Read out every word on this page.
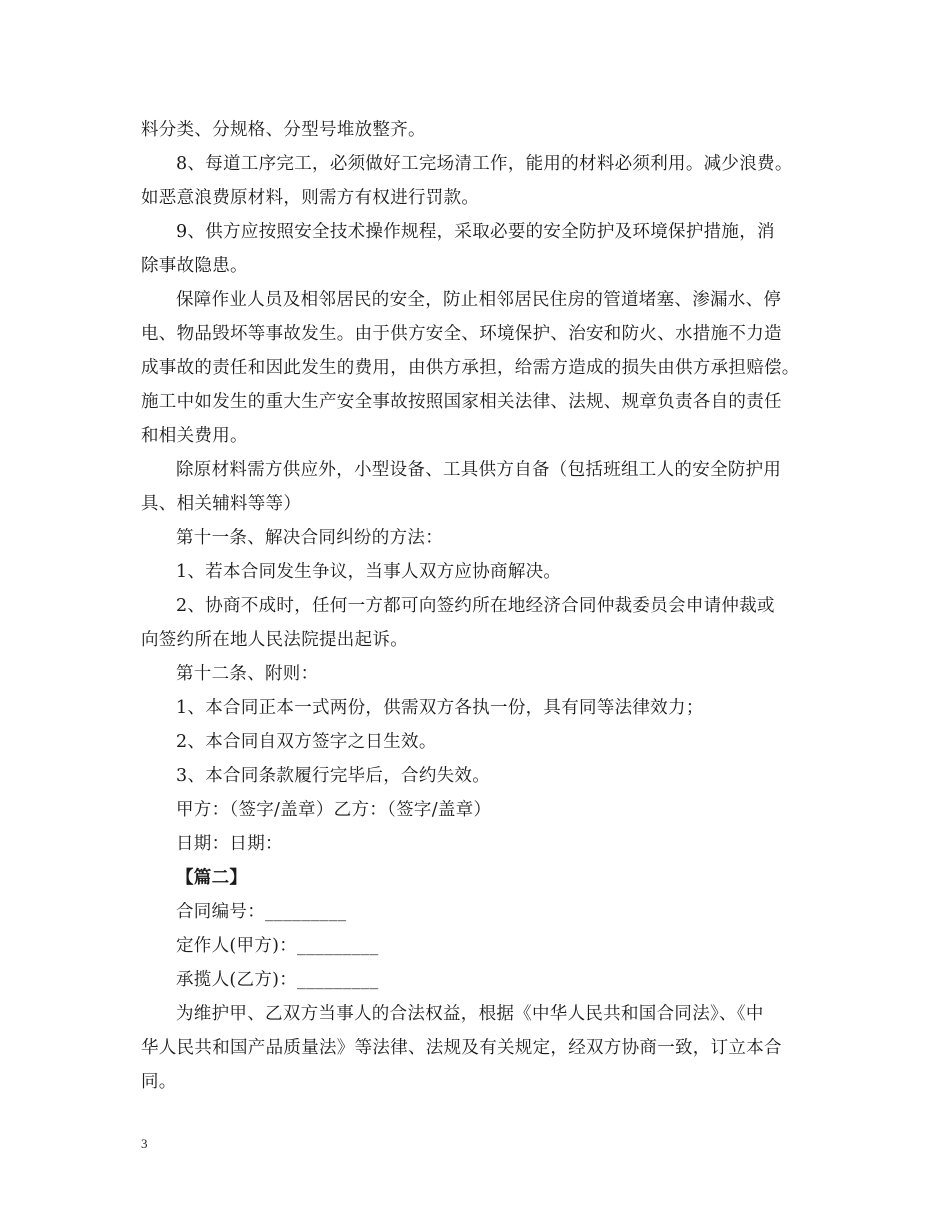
料分类、分规格、分型号堆放整齐。
8、每道工序完工，必须做好工完场清工作，能用的材料必须利用。减少浪费。
如恶意浪费原材料，则需方有权进行罚款。
9、供方应按照安全技术操作规程，采取必要的安全防护及环境保护措施，消
除事故隐患。
保障作业人员及相邻居民的安全，防止相邻居民住房的管道堵塞、渗漏水、停
电、物品毁坏等事故发生。由于供方安全、环境保护、治安和防火、水措施不力造
成事故的责任和因此发生的费用，由供方承担，给需方造成的损失由供方承担赔偿。
施工中如发生的重大生产安全事故按照国家相关法律、法规、规章负责各自的责任
和相关费用。
除原材料需方供应外，小型设备、工具供方自备（包括班组工人的安全防护用
具、相关辅料等等）
第十一条、解决合同纠纷的方法：
1、若本合同发生争议，当事人双方应协商解决。
2、协商不成时，任何一方都可向签约所在地经济合同仲裁委员会申请仲裁或
向签约所在地人民法院提出起诉。
第十二条、附则：
1、本合同正本一式两份，供需双方各执一份，具有同等法律效力；
2、本合同自双方签字之日生效。
3、本合同条款履行完毕后，合约失效。
甲方：（签字/盖章）乙方：（签字/盖章）
日期：日期：
【篇二】
合同编号：_________
定作人(甲方)：_________
承揽人(乙方)：_________
为维护甲、乙双方当事人的合法权益，根据《中华人民共和国合同法》、《中
华人民共和国产品质量法》等法律、法规及有关规定，经双方协商一致，订立本合
同。
3
